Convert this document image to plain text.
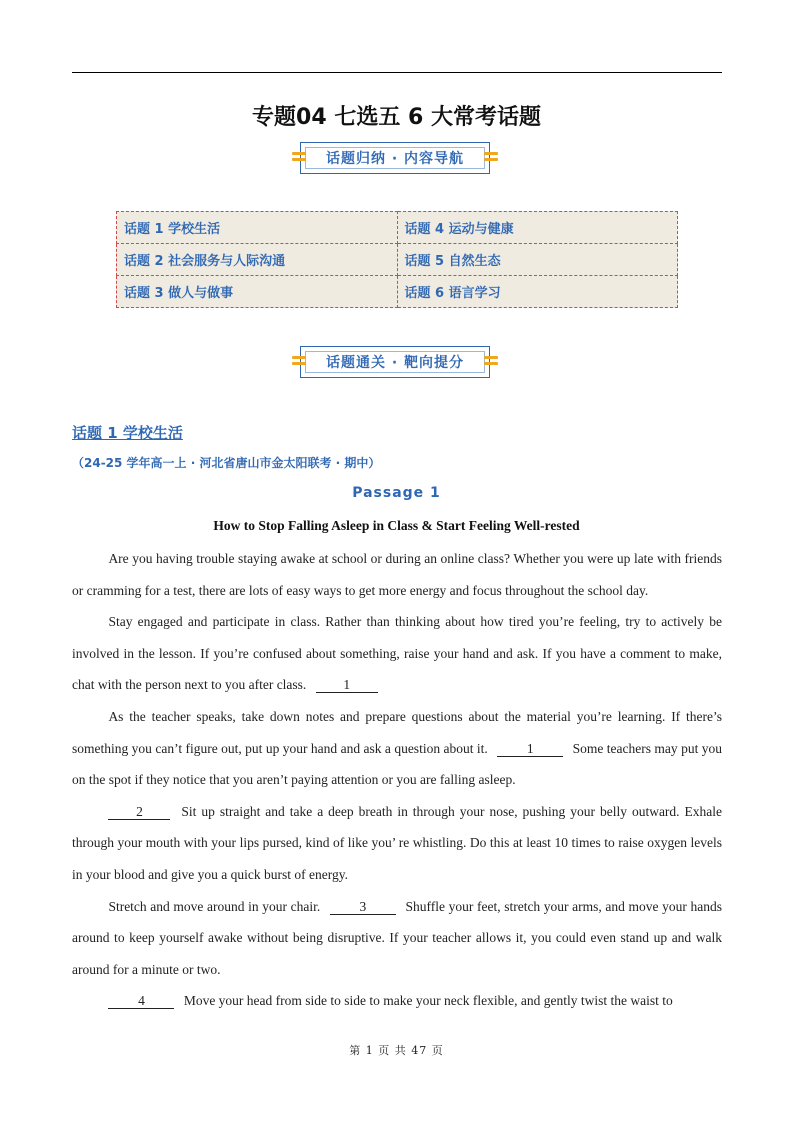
专题04 七选五 6 大常考话题
话题归纳 · 内容导航
话题 1 学校生活	话题 4 运动与健康
话题 2 社会服务与人际沟通	话题 5 自然生态
话题 3 做人与做事	话题 6 语言学习
话题通关 · 靶向提分
话题 1 学校生活
（24-25 学年高一上 · 河北省唐山市金太阳联考 · 期中）
Passage 1
How to Stop Falling Asleep in Class & Start Feeling Well-rested

Are you having trouble staying awake at school or during an online class? Whether you were up late with friends or cramming for a test, there are lots of easy ways to get more energy and focus throughout the school day.

Stay engaged and participate in class. Rather than thinking about how tired you’re feeling, try to actively be involved in the lesson. If you’re confused about something, raise your hand and ask. If you have a comment to make, chat with the person next to you after class.	1

As the teacher speaks, take down notes and prepare questions about the material you’re learning. If there’s something you can’t figure out, put up your hand and ask a question about it.	1	Some teachers may put you on the spot if they notice that you aren’t paying attention or you are falling asleep.

2	Sit up straight and take a deep breath in through your nose, pushing your belly outward. Exhale through your mouth with your lips pursed, kind of like you’ re whistling. Do this at least 10 times to raise oxygen levels in your blood and give you a quick burst of energy.

Stretch and move around in your chair.	3	Shuffle your feet, stretch your arms, and move your hands around to keep yourself awake without being disruptive. If your teacher allows it, you could even stand up and walk around for a minute or two.

4	Move your head from side to side to make your neck flexible, and gently twist the waist to

第 1 页 共 47 页
